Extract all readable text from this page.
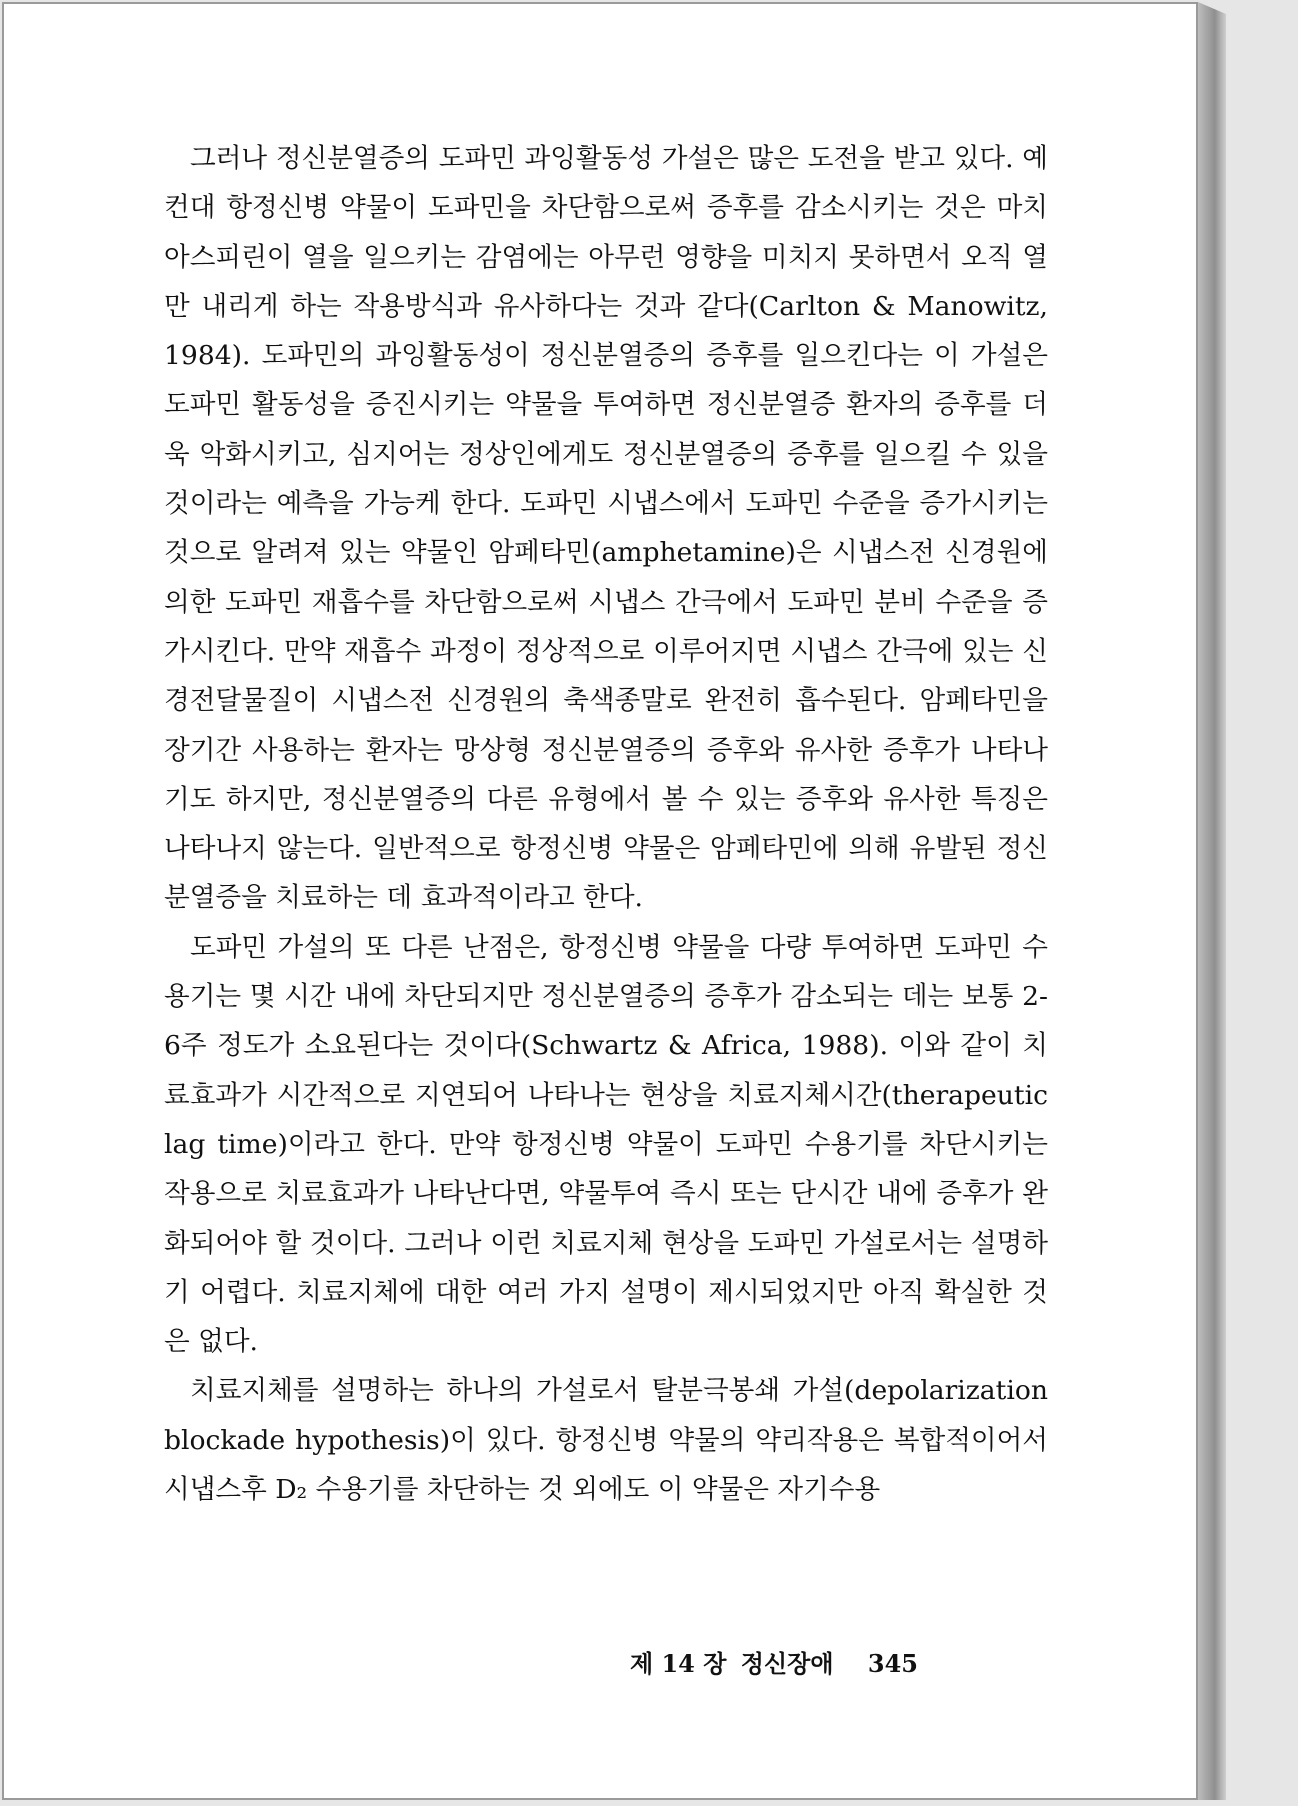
그러나 정신분열증의 도파민 과잉활동성 가설은 많은 도전을 받고 있다. 예컨대 항정신병 약물이 도파민을 차단함으로써 증후를 감소시키는 것은 마치 아스피린이 열을 일으키는 감염에는 아무런 영향을 미치지 못하면서 오직 열만 내리게 하는 작용방식과 유사하다는 것과 같다(Carlton & Manowitz, 1984). 도파민의 과잉활동성이 정신분열증의 증후를 일으킨다는 이 가설은 도파민 활동성을 증진시키는 약물을 투여하면 정신분열증 환자의 증후를 더욱 악화시키고, 심지어는 정상인에게도 정신분열증의 증후를 일으킬 수 있을 것이라는 예측을 가능케 한다. 도파민 시냅스에서 도파민 수준을 증가시키는 것으로 알려져 있는 약물인 암페타민(amphetamine)은 시냅스전 신경원에 의한 도파민 재흡수를 차단함으로써 시냅스 간극에서 도파민 분비 수준을 증가시킨다. 만약 재흡수 과정이 정상적으로 이루어지면 시냅스 간극에 있는 신경전달물질이 시냅스전 신경원의 축색종말로 완전히 흡수된다. 암페타민을 장기간 사용하는 환자는 망상형 정신분열증의 증후와 유사한 증후가 나타나기도 하지만, 정신분열증의 다른 유형에서 볼 수 있는 증후와 유사한 특징은 나타나지 않는다. 일반적으로 항정신병 약물은 암페타민에 의해 유발된 정신분열증을 치료하는 데 효과적이라고 한다.

도파민 가설의 또 다른 난점은, 항정신병 약물을 다량 투여하면 도파민 수용기는 몇 시간 내에 차단되지만 정신분열증의 증후가 감소되는 데는 보통 2-6주 정도가 소요된다는 것이다(Schwartz & Africa, 1988). 이와 같이 치료효과가 시간적으로 지연되어 나타나는 현상을 치료지체시간(therapeutic lag time)이라고 한다. 만약 항정신병 약물이 도파민 수용기를 차단시키는 작용으로 치료효과가 나타난다면, 약물투여 즉시 또는 단시간 내에 증후가 완화되어야 할 것이다. 그러나 이런 치료지체 현상을 도파민 가설로서는 설명하기 어렵다. 치료지체에 대한 여러 가지 설명이 제시되었지만 아직 확실한 것은 없다.

치료지체를 설명하는 하나의 가설로서 탈분극봉쇄 가설(depolarization blockade hypothesis)이 있다. 항정신병 약물의 약리작용은 복합적이어서 시냅스후 D₂ 수용기를 차단하는 것 외에도 이 약물은 자기수용

제 14 장 정신장애 345
